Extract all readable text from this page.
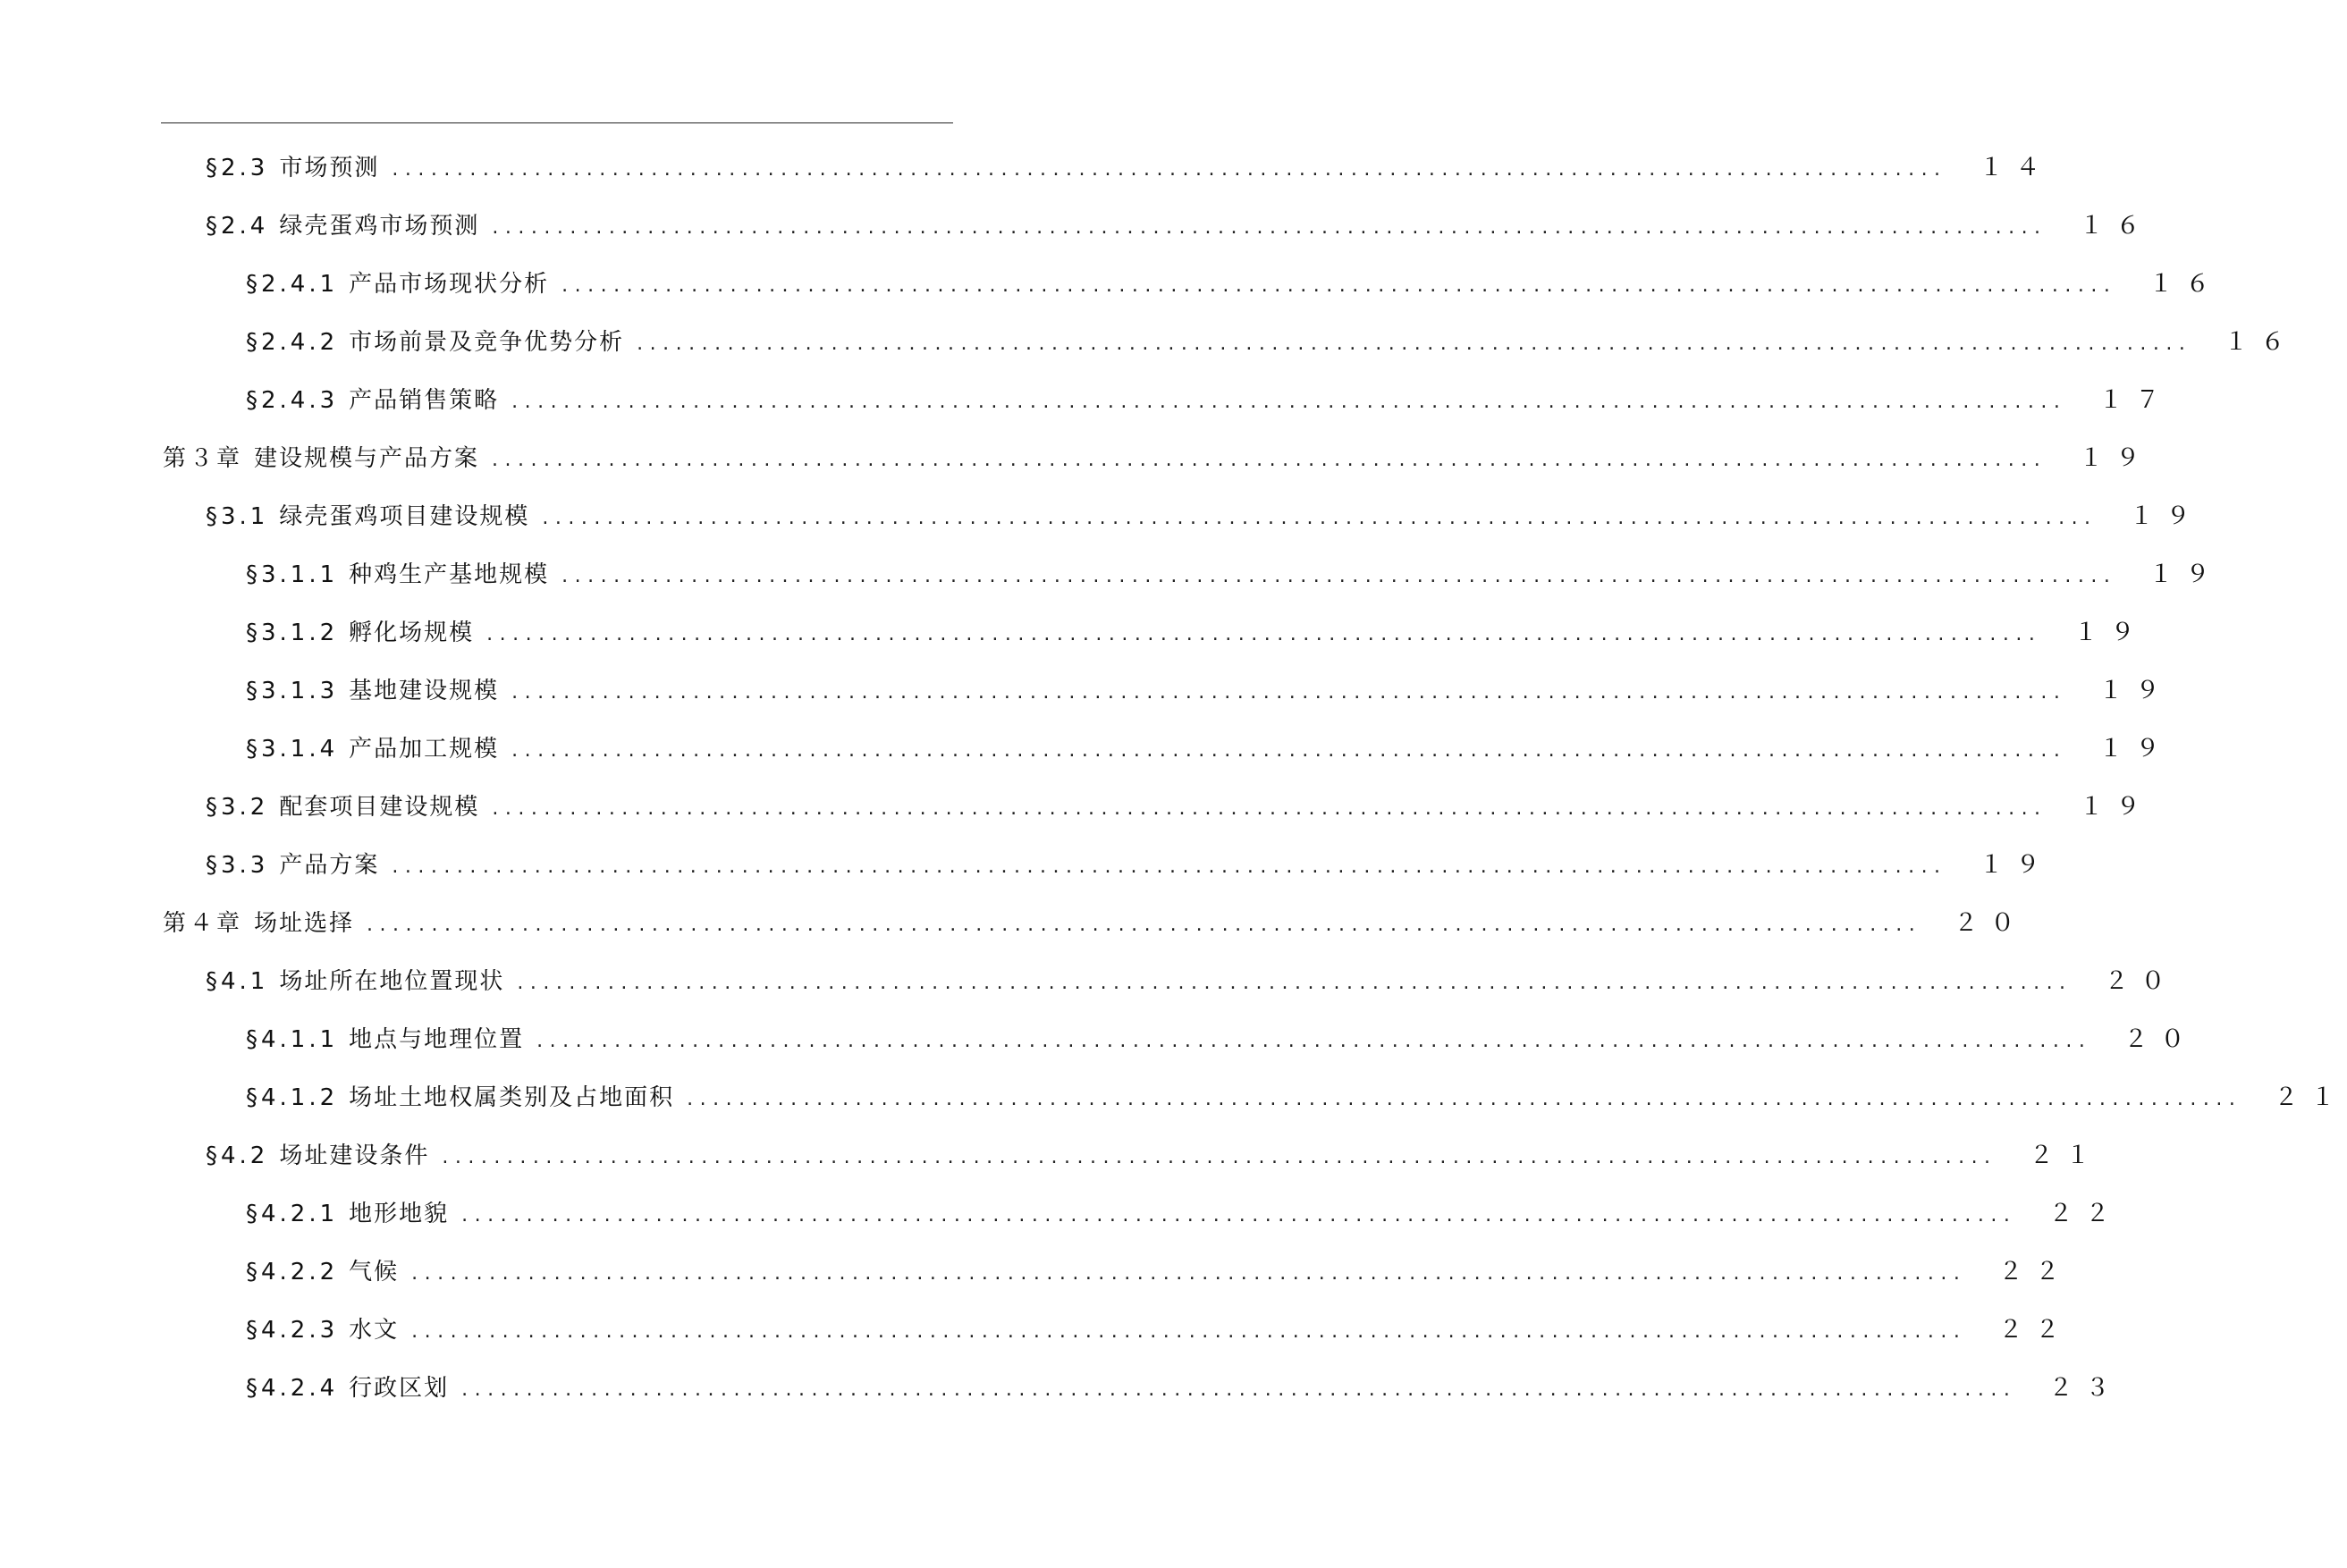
§2.3 市场预测 ........................................................................................................................	１４
§2.4 绿壳蛋鸡市场预测 ........................................................................................................................	１６
§2.4.1 产品市场现状分析 ........................................................................................................................	１６
§2.4.2 市场前景及竞争优势分析 ........................................................................................................................	１６
§2.4.3 产品销售策略 ........................................................................................................................	１７
第３章 建设规模与产品方案 ........................................................................................................................	１９
§3.1 绿壳蛋鸡项目建设规模 ........................................................................................................................	１９
§3.1.1 种鸡生产基地规模 ........................................................................................................................	１９
§3.1.2 孵化场规模 ........................................................................................................................	１９
§3.1.3 基地建设规模 ........................................................................................................................	１９
§3.1.4 产品加工规模 ........................................................................................................................	１９
§3.2 配套项目建设规模 ........................................................................................................................	１９
§3.3 产品方案 ........................................................................................................................	１９
第４章 场址选择 ........................................................................................................................	２０
§4.1 场址所在地位置现状 ........................................................................................................................	２０
§4.1.1 地点与地理位置 ........................................................................................................................	２０
§4.1.2 场址土地权属类别及占地面积 ........................................................................................................................	２１
§4.2 场址建设条件 ........................................................................................................................	２１
§4.2.1 地形地貌 ........................................................................................................................	２２
§4.2.2 气候 ........................................................................................................................	２２
§4.2.3 水文 ........................................................................................................................	２２
§4.2.4 行政区划 ........................................................................................................................	２３
